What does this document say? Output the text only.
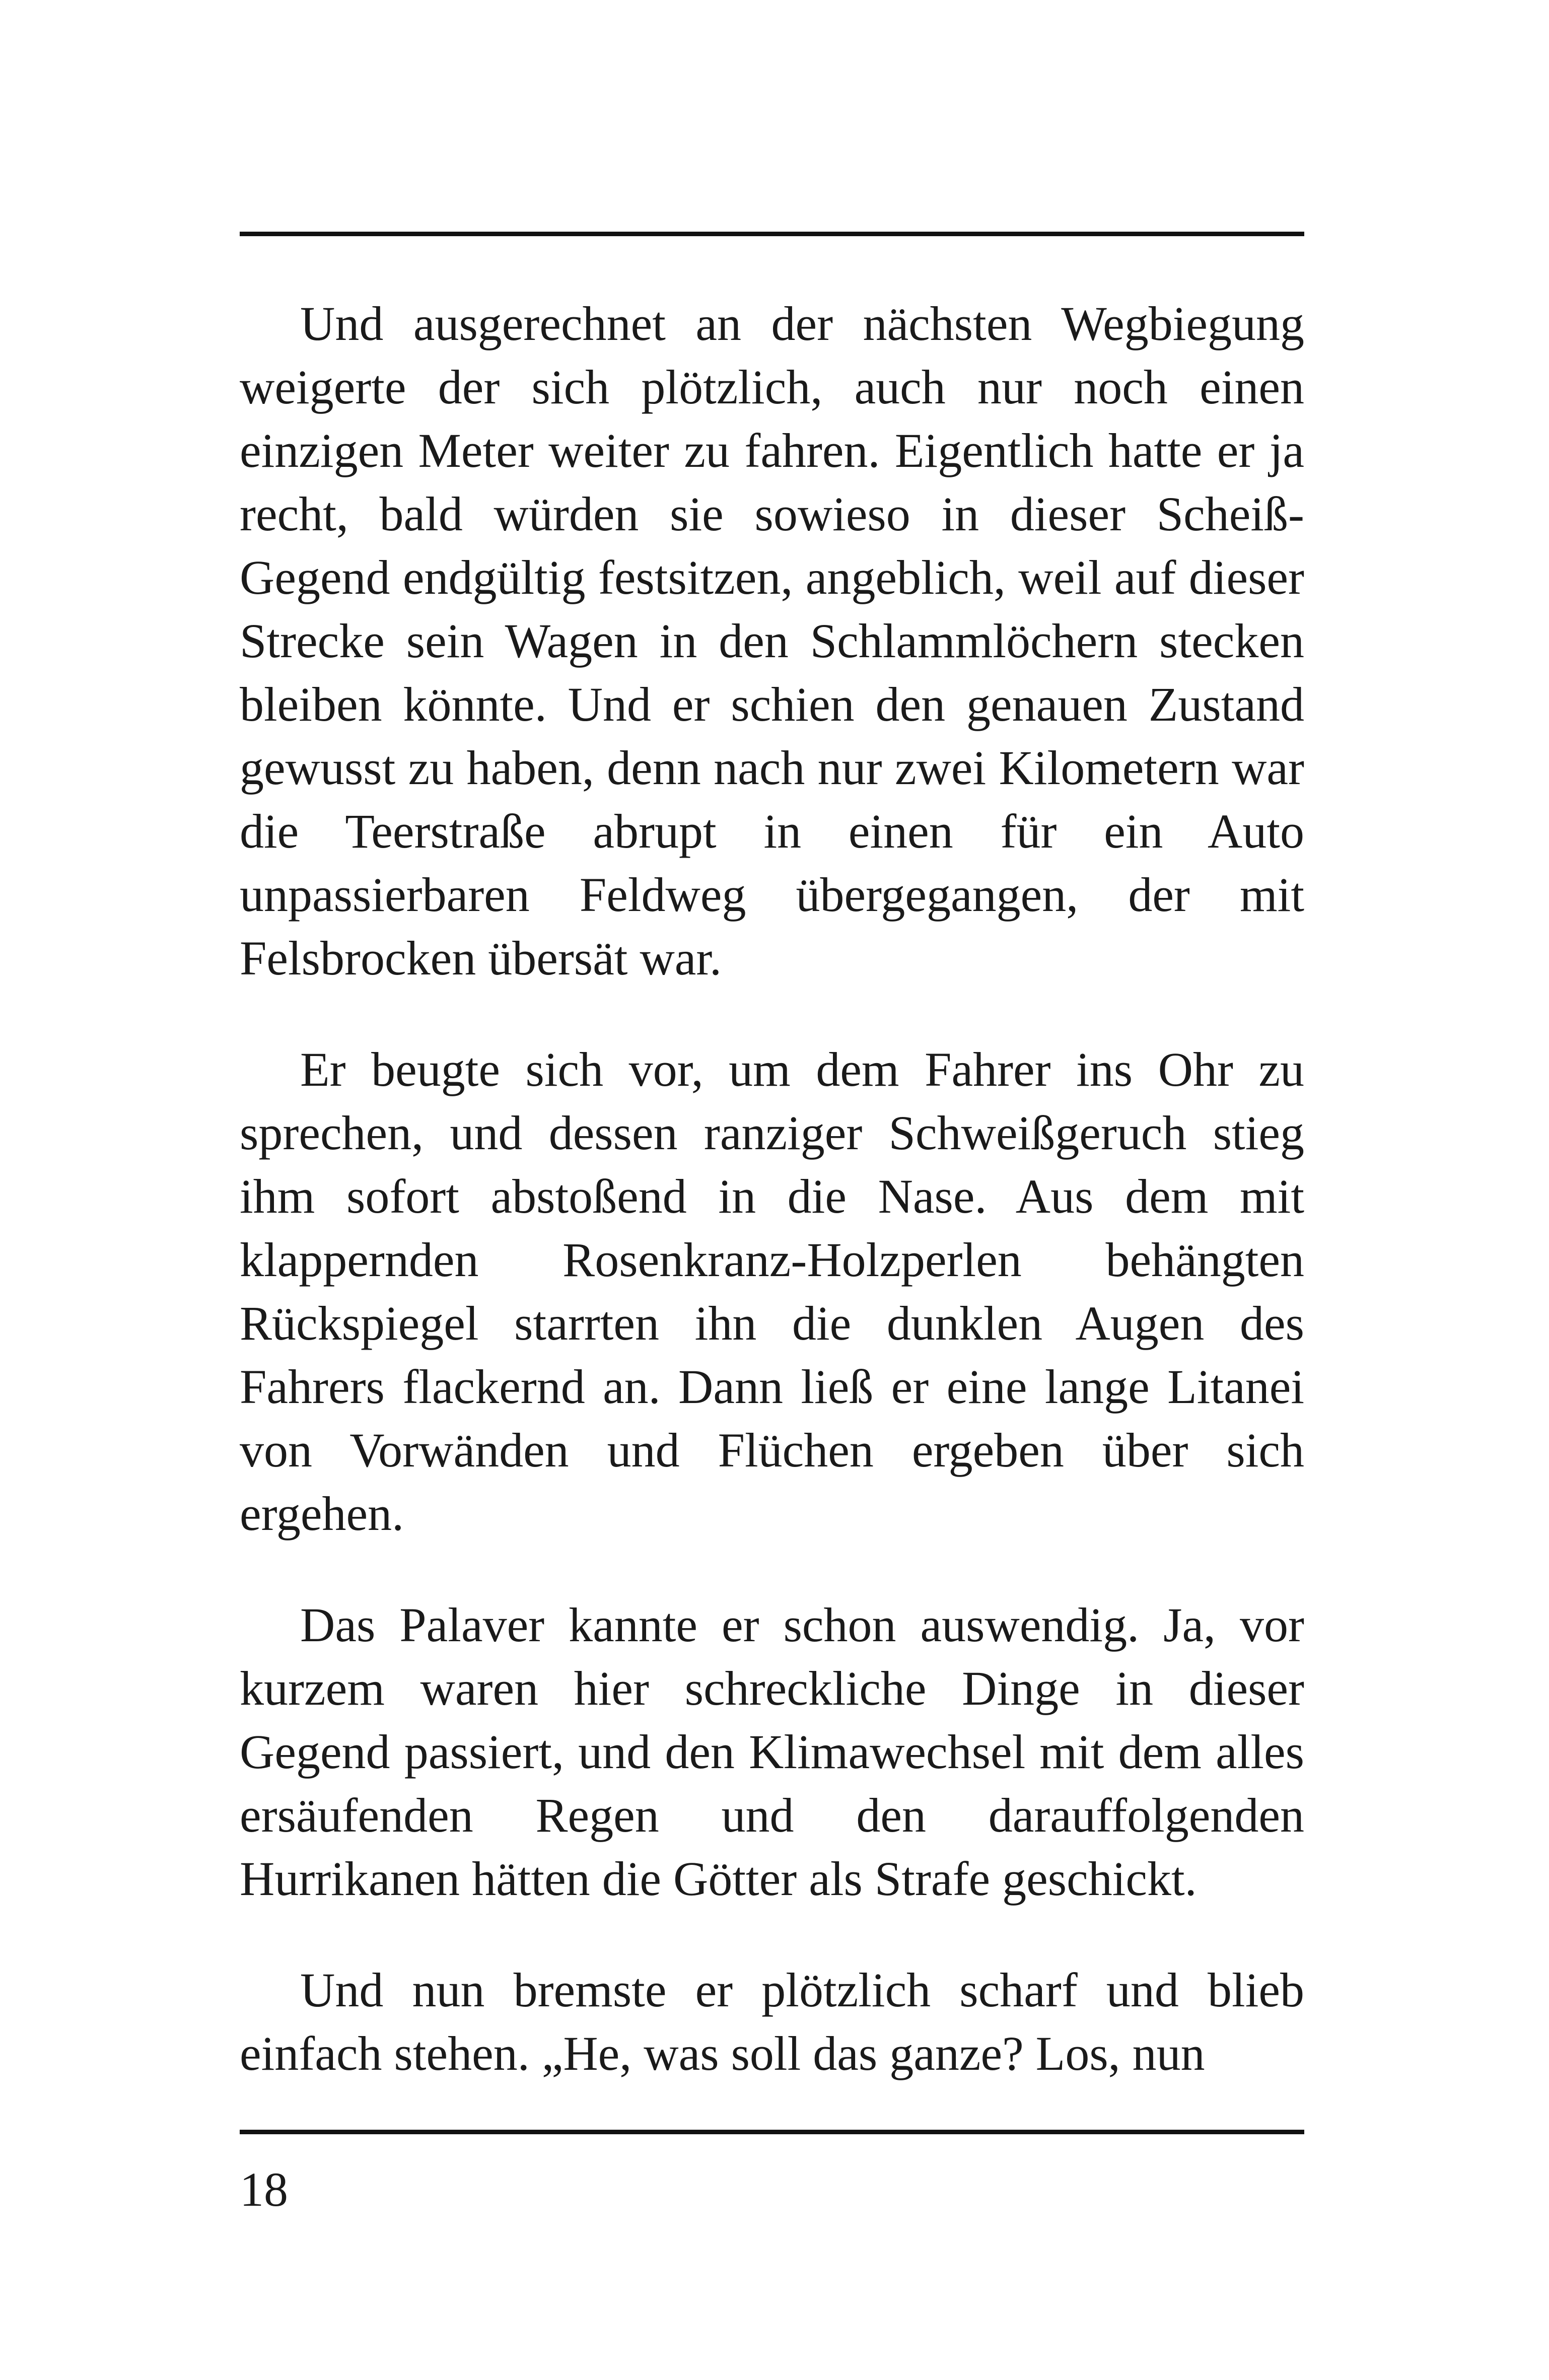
Und ausgerechnet an der nächsten Wegbiegung weigerte der sich plötzlich, auch nur noch einen einzigen Meter weiter zu fahren. Eigentlich hatte er ja recht, bald würden sie sowieso in dieser Scheiß-Gegend endgültig festsitzen, angeblich, weil auf dieser Strecke sein Wagen in den Schlammlöchern stecken bleiben könnte. Und er schien den genauen Zustand gewusst zu haben, denn nach nur zwei Kilometern war die Teerstraße abrupt in einen für ein Auto unpassierbaren Feldweg übergegangen, der mit Felsbrocken übersät war.

Er beugte sich vor, um dem Fahrer ins Ohr zu sprechen, und dessen ranziger Schweißgeruch stieg ihm sofort abstoßend in die Nase. Aus dem mit klappernden Rosenkranz-Holzperlen behängten Rückspiegel starrten ihn die dunklen Augen des Fahrers flackernd an. Dann ließ er eine lange Litanei von Vorwänden und Flüchen ergeben über sich ergehen.

Das Palaver kannte er schon auswendig. Ja, vor kurzem waren hier schreckliche Dinge in dieser Gegend passiert, und den Klimawechsel mit dem alles ersäufenden Regen und den darauffolgenden Hurrikanen hätten die Götter als Strafe geschickt.

Und nun bremste er plötzlich scharf und blieb einfach stehen. „He, was soll das ganze? Los, nun

18
